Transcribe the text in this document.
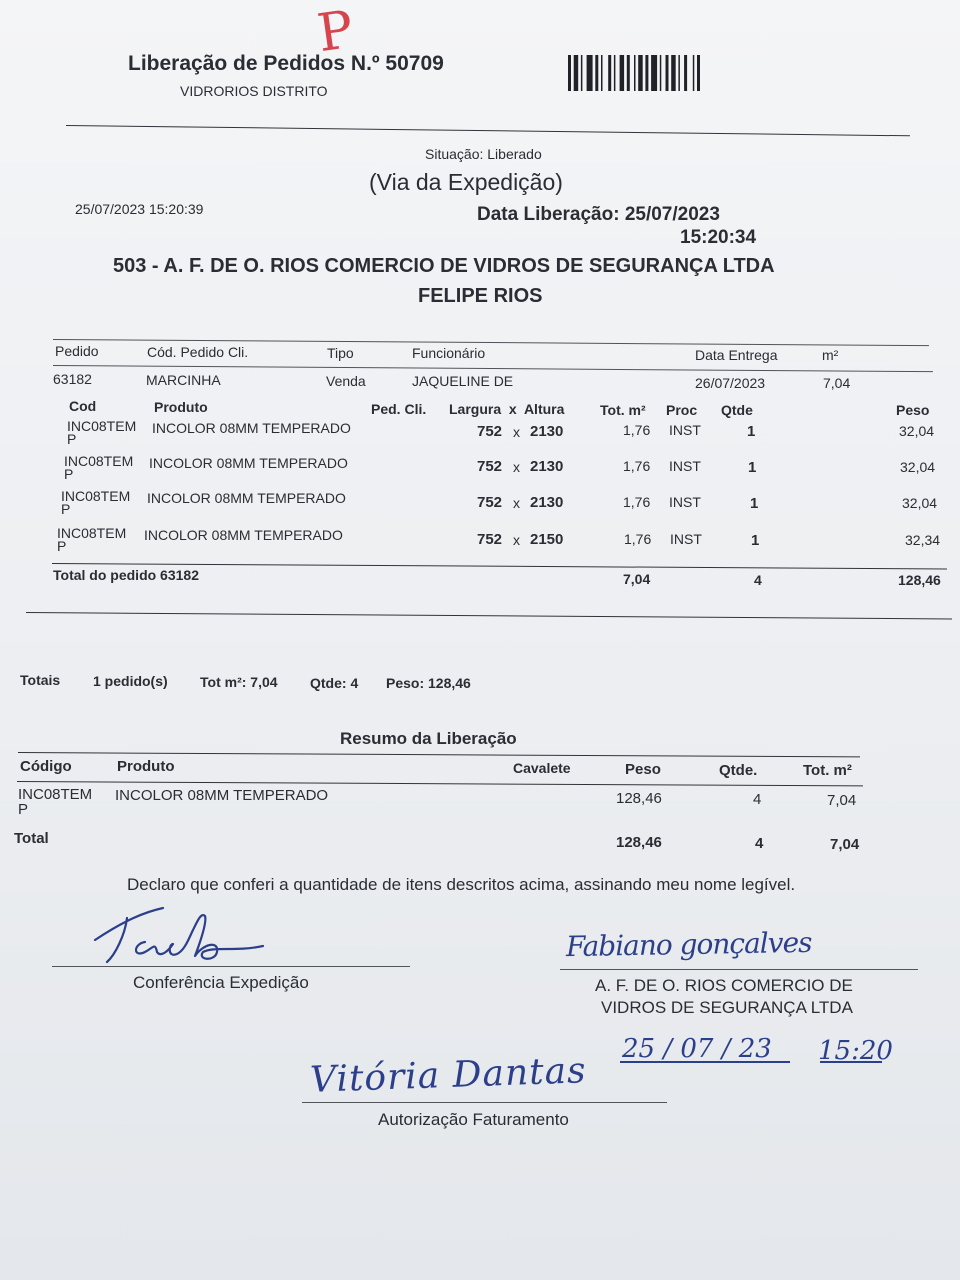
P
Liberação de Pedidos N.º 50709
VIDRORIOS DISTRITO
Situação: Liberado
(Via da Expedição)
25/07/2023 15:20:39	Data Liberação: 25/07/2023
15:20:34
503 - A. F. DE O. RIOS COMERCIO DE VIDROS DE SEGURANÇA LTDA
FELIPE RIOS
Pedido	Cód. Pedido Cli.	Tipo	Funcionário	Data Entrega	m²
63182	MARCINHA	Venda	JAQUELINE DE	26/07/2023	7,04
Cod	Produto	Ped. Cli. Largura  x  Altura	Tot. m² Proc Qtde	Peso
INC08TEM
P
INCOLOR 08MM TEMPERADO	752 x 2130	1,76 INST	1	32,04
INC08TEM
P
INCOLOR 08MM TEMPERADO	752 x 2130	1,76 INST	1	32,04
INC08TEM
P
INCOLOR 08MM TEMPERADO	752 x 2130	1,76 INST	1	32,04
INC08TEM
P
INCOLOR 08MM TEMPERADO	752 x 2150	1,76 INST	1	32,34
Total do pedido 63182	7,04	4	128,46
Totais 1 pedido(s) Tot m²: 7,04 Qtde: 4 Peso: 128,46
Resumo da Liberação
Código	Produto	Cavalete	Peso	Qtde.	Tot. m²
INC08TEM
P
INCOLOR 08MM TEMPERADO	128,46	4	7,04
Total	128,46	4	7,04
Declaro que conferi a quantidade de itens descritos acima, assinando meu nome legível.
Conferência Expedição	A. F. DE O. RIOS COMERCIO DE
VIDROS DE SEGURANÇA LTDA
Autorização Faturamento
Fabiano gonçalves
25 / 07 / 23 15:20
Vitória Dantas
